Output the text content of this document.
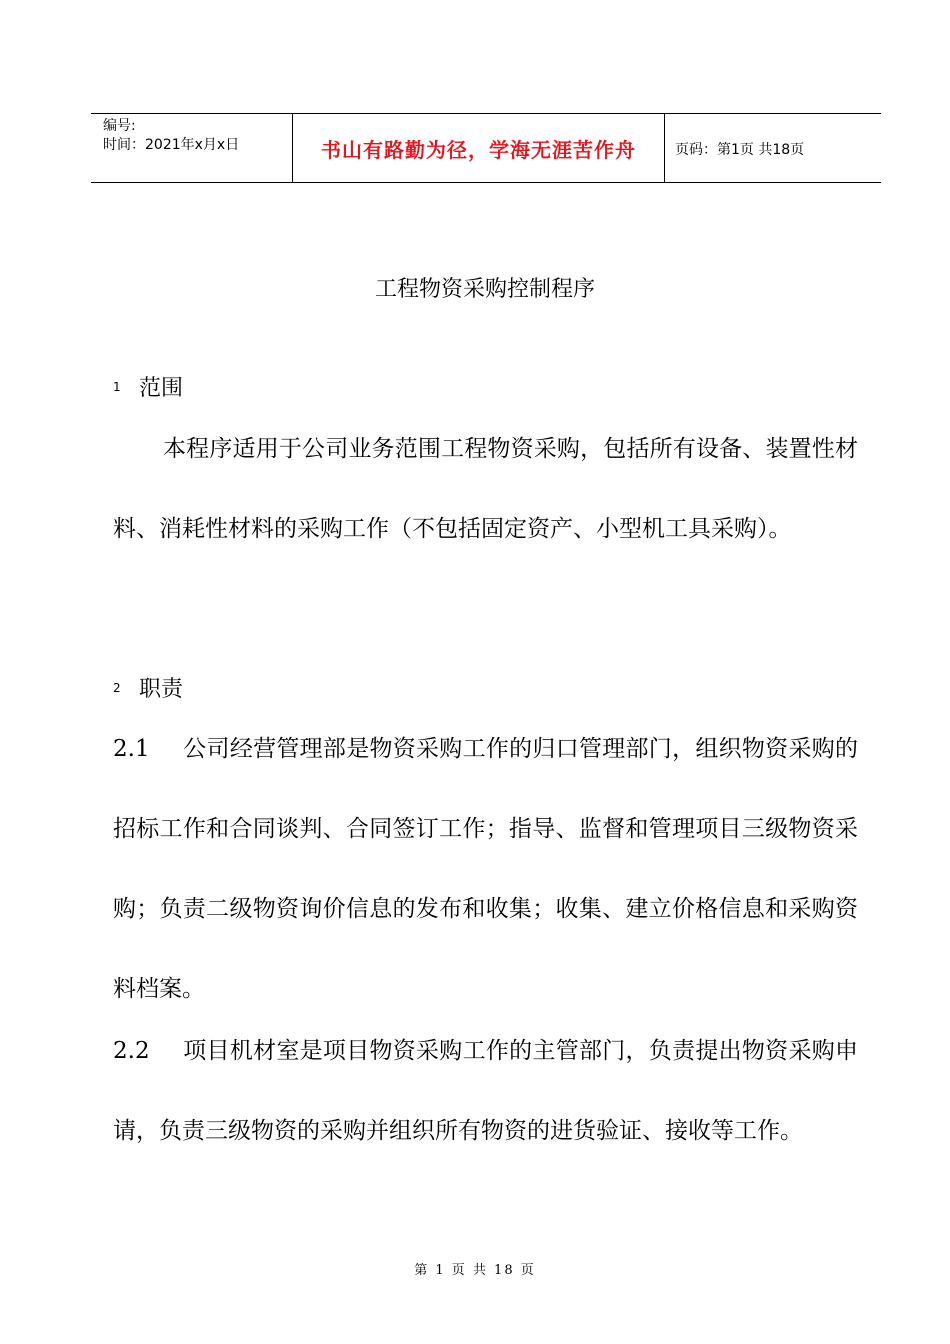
编号:
时间：2021年x月x日	书山有路勤为径，学海无涯苦作舟	页码：第1页 共18页
工程物资采购控制程序
1 范围
本程序适用于公司业务范围工程物资采购，包括所有设备、装置性材料、消耗性材料的采购工作（不包括固定资产、小型机工具采购）。
2 职责
2.1 公司经营管理部是物资采购工作的归口管理部门，组织物资采购的招标工作和合同谈判、合同签订工作；指导、监督和管理项目三级物资采购；负责二级物资询价信息的发布和收集；收集、建立价格信息和采购资料档案。
2.2 项目机材室是项目物资采购工作的主管部门，负责提出物资采购申请，负责三级物资的采购并组织所有物资的进货验证、接收等工作。
第 1 页 共 18 页
